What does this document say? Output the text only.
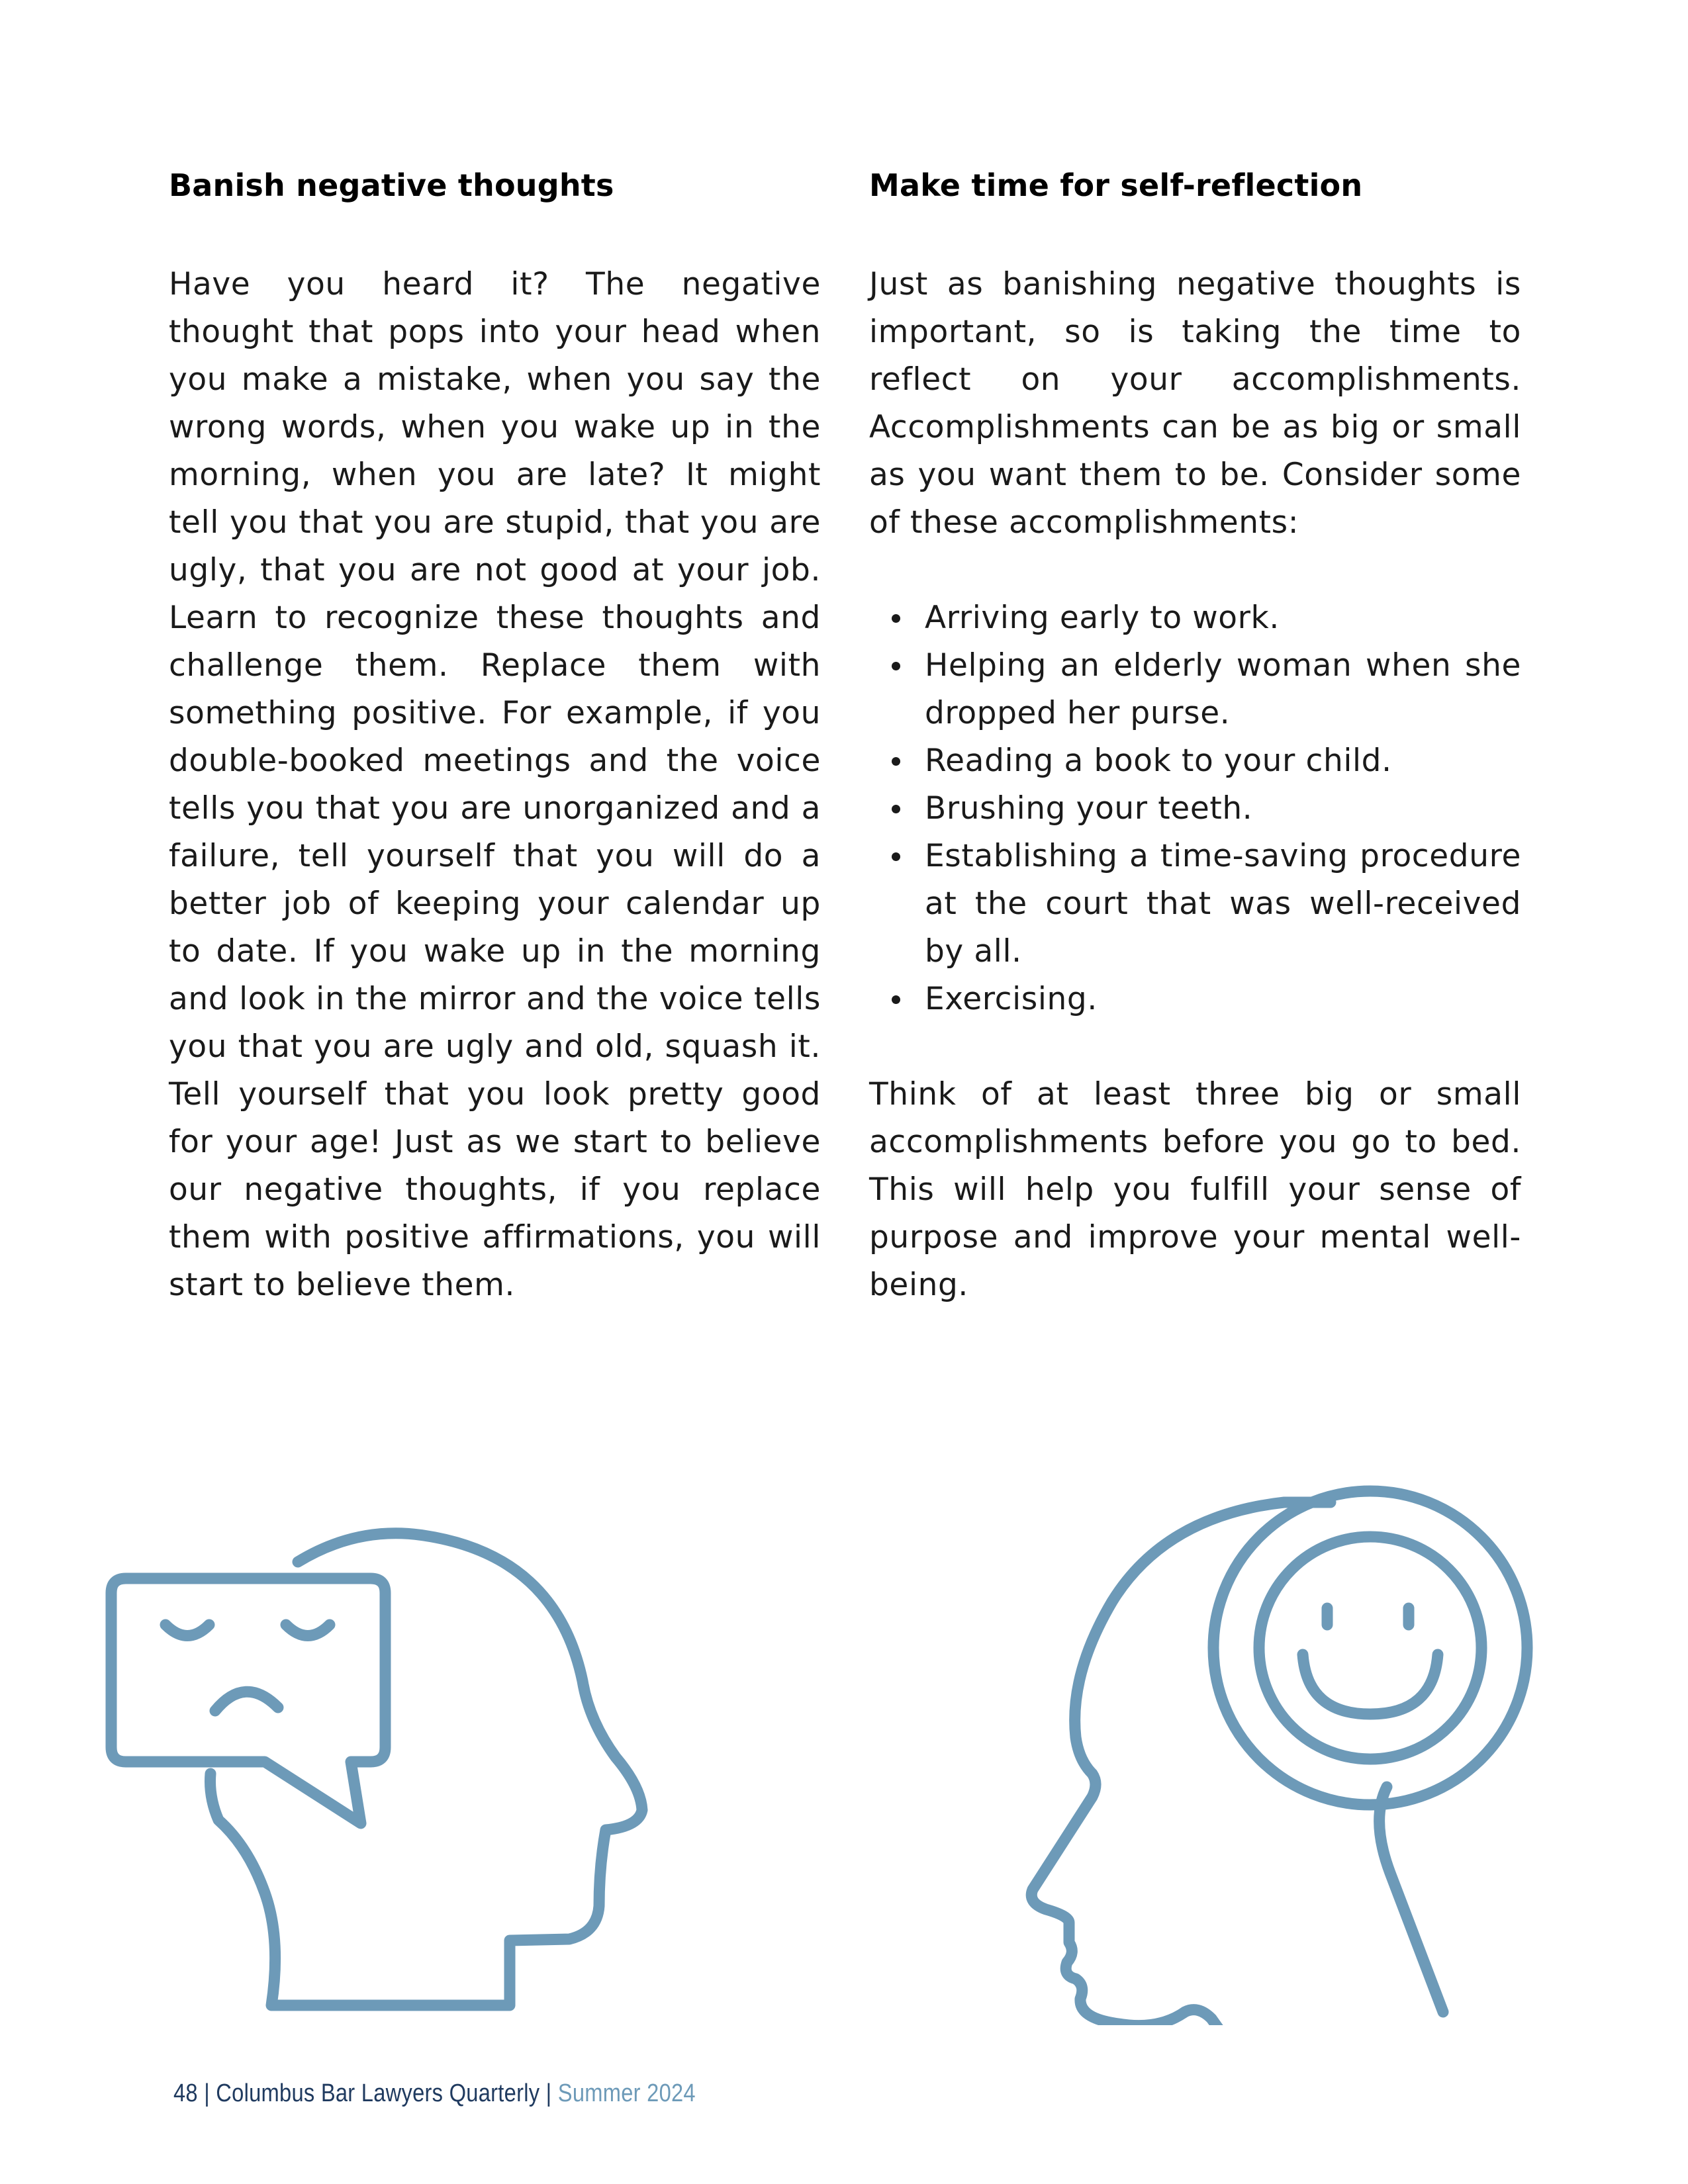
Banish negative thoughts

Have you heard it? The negative thought that pops into your head when you make a mistake, when you say the wrong words, when you wake up in the morning, when you are late? It might tell you that you are stupid, that you are ugly, that you are not good at your job. Learn to recognize these thoughts and challenge them. Replace them with something positive. For example, if you double-booked meetings and the voice tells you that you are unorganized and a failure, tell yourself that you will do a better job of keeping your calendar up to date. If you wake up in the morning and look in the mirror and the voice tells you that you are ugly and old, squash it. Tell yourself that you look pretty good for your age! Just as we start to believe our negative thoughts, if you replace them with positive affirmations, you will start to believe them.

Make time for self-reflection

Just as banishing negative thoughts is important, so is taking the time to reflect on your accomplishments. Accomplishments can be as big or small as you want them to be. Consider some of these accomplishments:

Arriving early to work.
Helping an elderly woman when she dropped her purse.
Reading a book to your child.
Brushing your teeth.
Establishing a time-saving procedure at the court that was well-received by all.
Exercising.

Think of at least three big or small accomplishments before you go to bed. This will help you fulfill your sense of purpose and improve your mental well-being.

48 | Columbus Bar Lawyers Quarterly | Summer 2024
